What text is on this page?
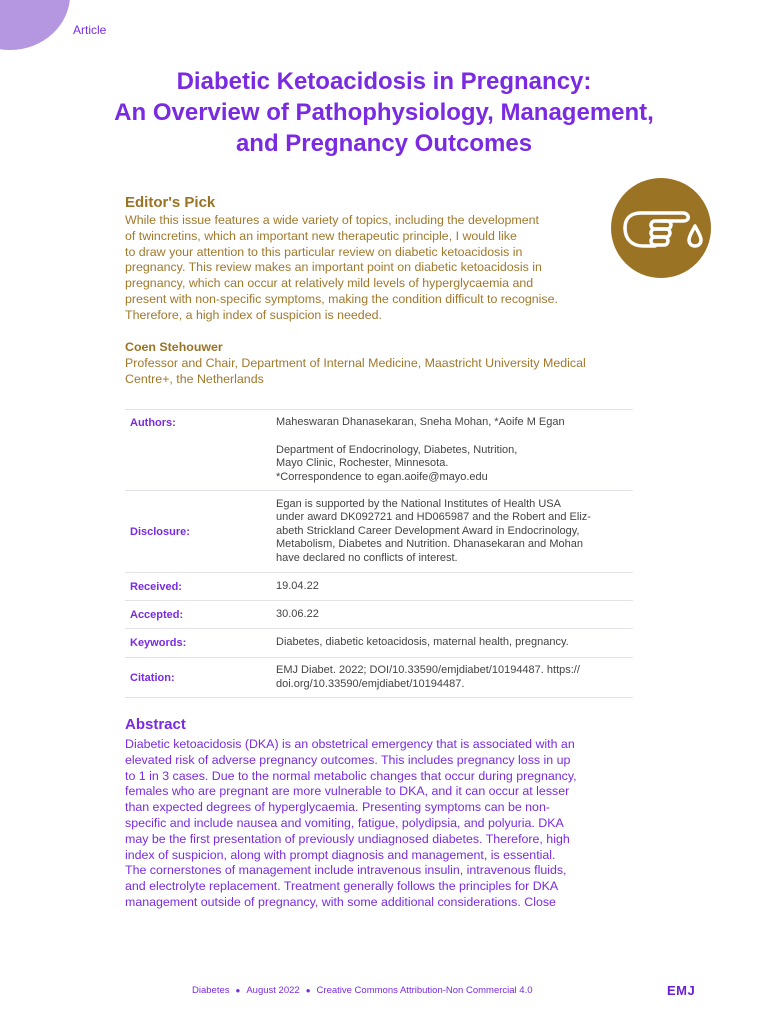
Article
Diabetic Ketoacidosis in Pregnancy:
An Overview of Pathophysiology, Management,
and Pregnancy Outcomes
Editor's Pick

While this issue features a wide variety of topics, including the development
of twincretins, which an important new therapeutic principle, I would like
to draw your attention to this particular review on diabetic ketoacidosis in
pregnancy. This review makes an important point on diabetic ketoacidosis in
pregnancy, which can occur at relatively mild levels of hyperglycaemia and
present with non-specific symptoms, making the condition difficult to recognise.
Therefore, a high index of suspicion is needed.

Coen Stehouwer
Professor and Chair, Department of Internal Medicine, Maastricht University Medical
Centre+, the Netherlands
Authors:	Maheswaran Dhanasekaran, Sneha Mohan, *Aoife M Egan
Department of Endocrinology, Diabetes, Nutrition,
Mayo Clinic, Rochester, Minnesota.
*Correspondence to egan.aoife@mayo.edu

Disclosure:	Egan is supported by the National Institutes of Health USA
under award DK092721 and HD065987 and the Robert and Eliz-
abeth Strickland Career Development Award in Endocrinology,
Metabolism, Diabetes and Nutrition. Dhanasekaran and Mohan
have declared no conflicts of interest.

Received:	19.04.22
Accepted:	30.06.22
Keywords:	Diabetes, diabetic ketoacidosis, maternal health, pregnancy.
Citation:	EMJ Diabet. 2022; DOI/10.33590/emjdiabet/10194487. https://
doi.org/10.33590/emjdiabet/10194487.
Abstract

Diabetic ketoacidosis (DKA) is an obstetrical emergency that is associated with an
elevated risk of adverse pregnancy outcomes. This includes pregnancy loss in up
to 1 in 3 cases. Due to the normal metabolic changes that occur during pregnancy,
females who are pregnant are more vulnerable to DKA, and it can occur at lesser
than expected degrees of hyperglycaemia. Presenting symptoms can be non-
specific and include nausea and vomiting, fatigue, polydipsia, and polyuria. DKA
may be the first presentation of previously undiagnosed diabetes. Therefore, high
index of suspicion, along with prompt diagnosis and management, is essential.
The cornerstones of management include intravenous insulin, intravenous fluids,
and electrolyte replacement. Treatment generally follows the principles for DKA
management outside of pregnancy, with some additional considerations. Close

Diabetes ● August 2022 ● Creative Commons Attribution-Non Commercial 4.0	EMJ
